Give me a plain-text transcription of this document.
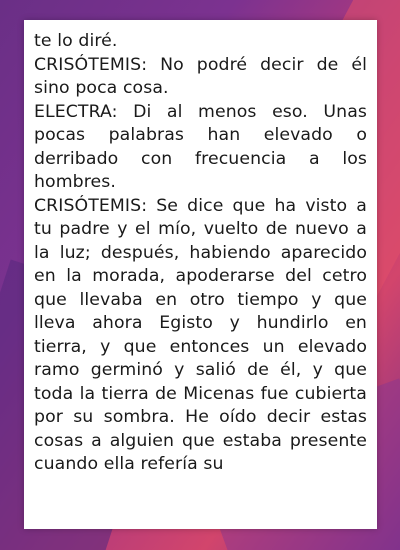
te lo diré.

CRISÓTEMIS: No podré decir de él sino poca cosa.

ELECTRA: Di al menos eso. Unas pocas palabras han elevado o derribado con frecuencia a los hombres.

CRISÓTEMIS: Se dice que ha visto a tu padre y el mío, vuelto de nuevo a la luz; después, habiendo aparecido en la morada, apoderarse del cetro que llevaba en otro tiempo y que lleva ahora Egisto y hundirlo en tierra, y que entonces un elevado ramo germinó y salió de él, y que toda la tierra de Micenas fue cubierta por su sombra. He oído decir estas cosas a alguien que estaba presente cuando ella refería su
